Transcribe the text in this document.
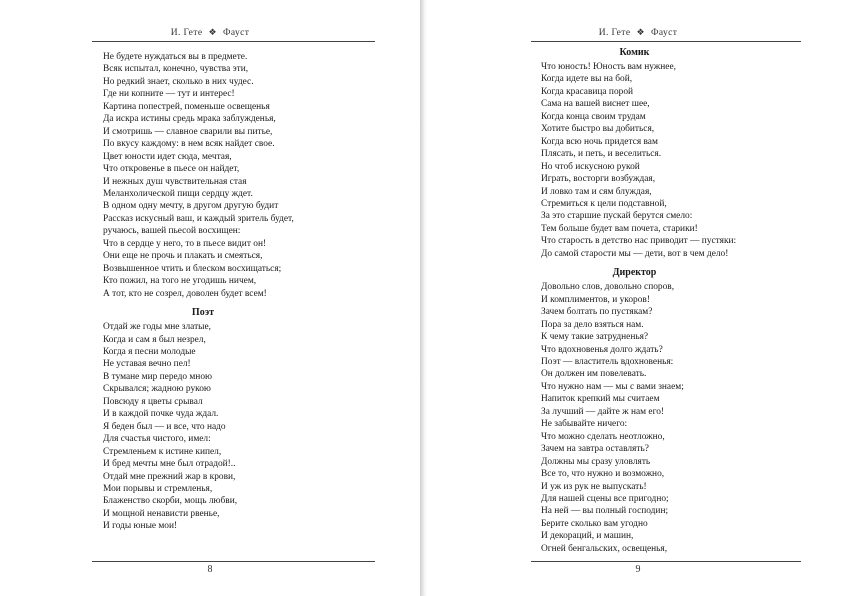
И. Гете ❖ Фауст
Не будете нуждаться вы в предмете.
Всяк испытал, конечно, чувства эти,
Но редкий знает, сколько в них чудес.
Где ни копните — тут и интерес!
Картина попестрей, поменьше освещенья
Да искра истины средь мрака заблужденья,
И смотришь — славное сварили вы питье,
По вкусу каждому: в нем всяк найдет свое.
Цвет юности идет сюда, мечтая,
Что откровенье в пьесе он найдет,
И нежных душ чувствительная стая
Меланхолической пищи сердцу ждет.
В одном одну мечту, в другом другую будит
Рассказ искусный ваш, и каждый зритель будет,
ручаюсь, вашей пьесой восхищен:
Что в сердце у него, то в пьесе видит он!
Они еще не прочь и плакать и смеяться,
Возвышенное чтить и блеском восхищаться;
Кто пожил, на того не угодишь ничем,
А тот, кто не созрел, доволен будет всем!
Поэт
Отдай же годы мне златые,
Когда и сам я был незрел,
Когда я песни молодые
Не уставая вечно пел!
В тумане мир передо мною
Скрывался; жадною рукою
Повсюду я цветы срывал
И в каждой почке чуда ждал.
Я беден был — и все, что надо
Для счастья чистого, имел:
Стремленьем к истине кипел,
И бред мечты мне был отрадой!..
Отдай мне прежний жар в крови,
Мои порывы и стремленья,
Блаженство скорби, мощь любви,
И мощной ненависти рвенье,
И годы юные мои!
8
И. Гете ❖ Фауст
Комик
Что юность! Юность вам нужнее,
Когда идете вы на бой,
Когда красавица порой
Сама на вашей виснет шее,
Когда конца своим трудам
Хотите быстро вы добиться,
Когда всю ночь придется вам
Плясать, и петь, и веселиться.
Но чтоб искусною рукой
Играть, восторги возбуждая,
И ловко там и сям блуждая,
Стремиться к цели подставной,
За это старшие пускай берутся смело:
Тем больше будет вам почета, старики!
Что старость в детство нас приводит — пустяки:
До самой старости мы — дети, вот в чем дело!
Директор
Довольно слов, довольно споров,
И комплиментов, и укоров!
Зачем болтать по пустякам?
Пора за дело взяться нам.
К чему такие затрудненья?
Что вдохновенья долго ждать?
Поэт — властитель вдохновенья:
Он должен им повелевать.
Что нужно нам — мы с вами знаем;
Напиток крепкий мы считаем
За лучший — дайте ж нам его!
Не забывайте ничего:
Что можно сделать неотложно,
Зачем на завтра оставлять?
Должны мы сразу уловлять
Все то, что нужно и возможно,
И уж из рук не выпускать!
Для нашей сцены все пригодно;
На ней — вы полный господин;
Берите сколько вам угодно
И декораций, и машин,
Огней бенгальских, освещенья,
9
